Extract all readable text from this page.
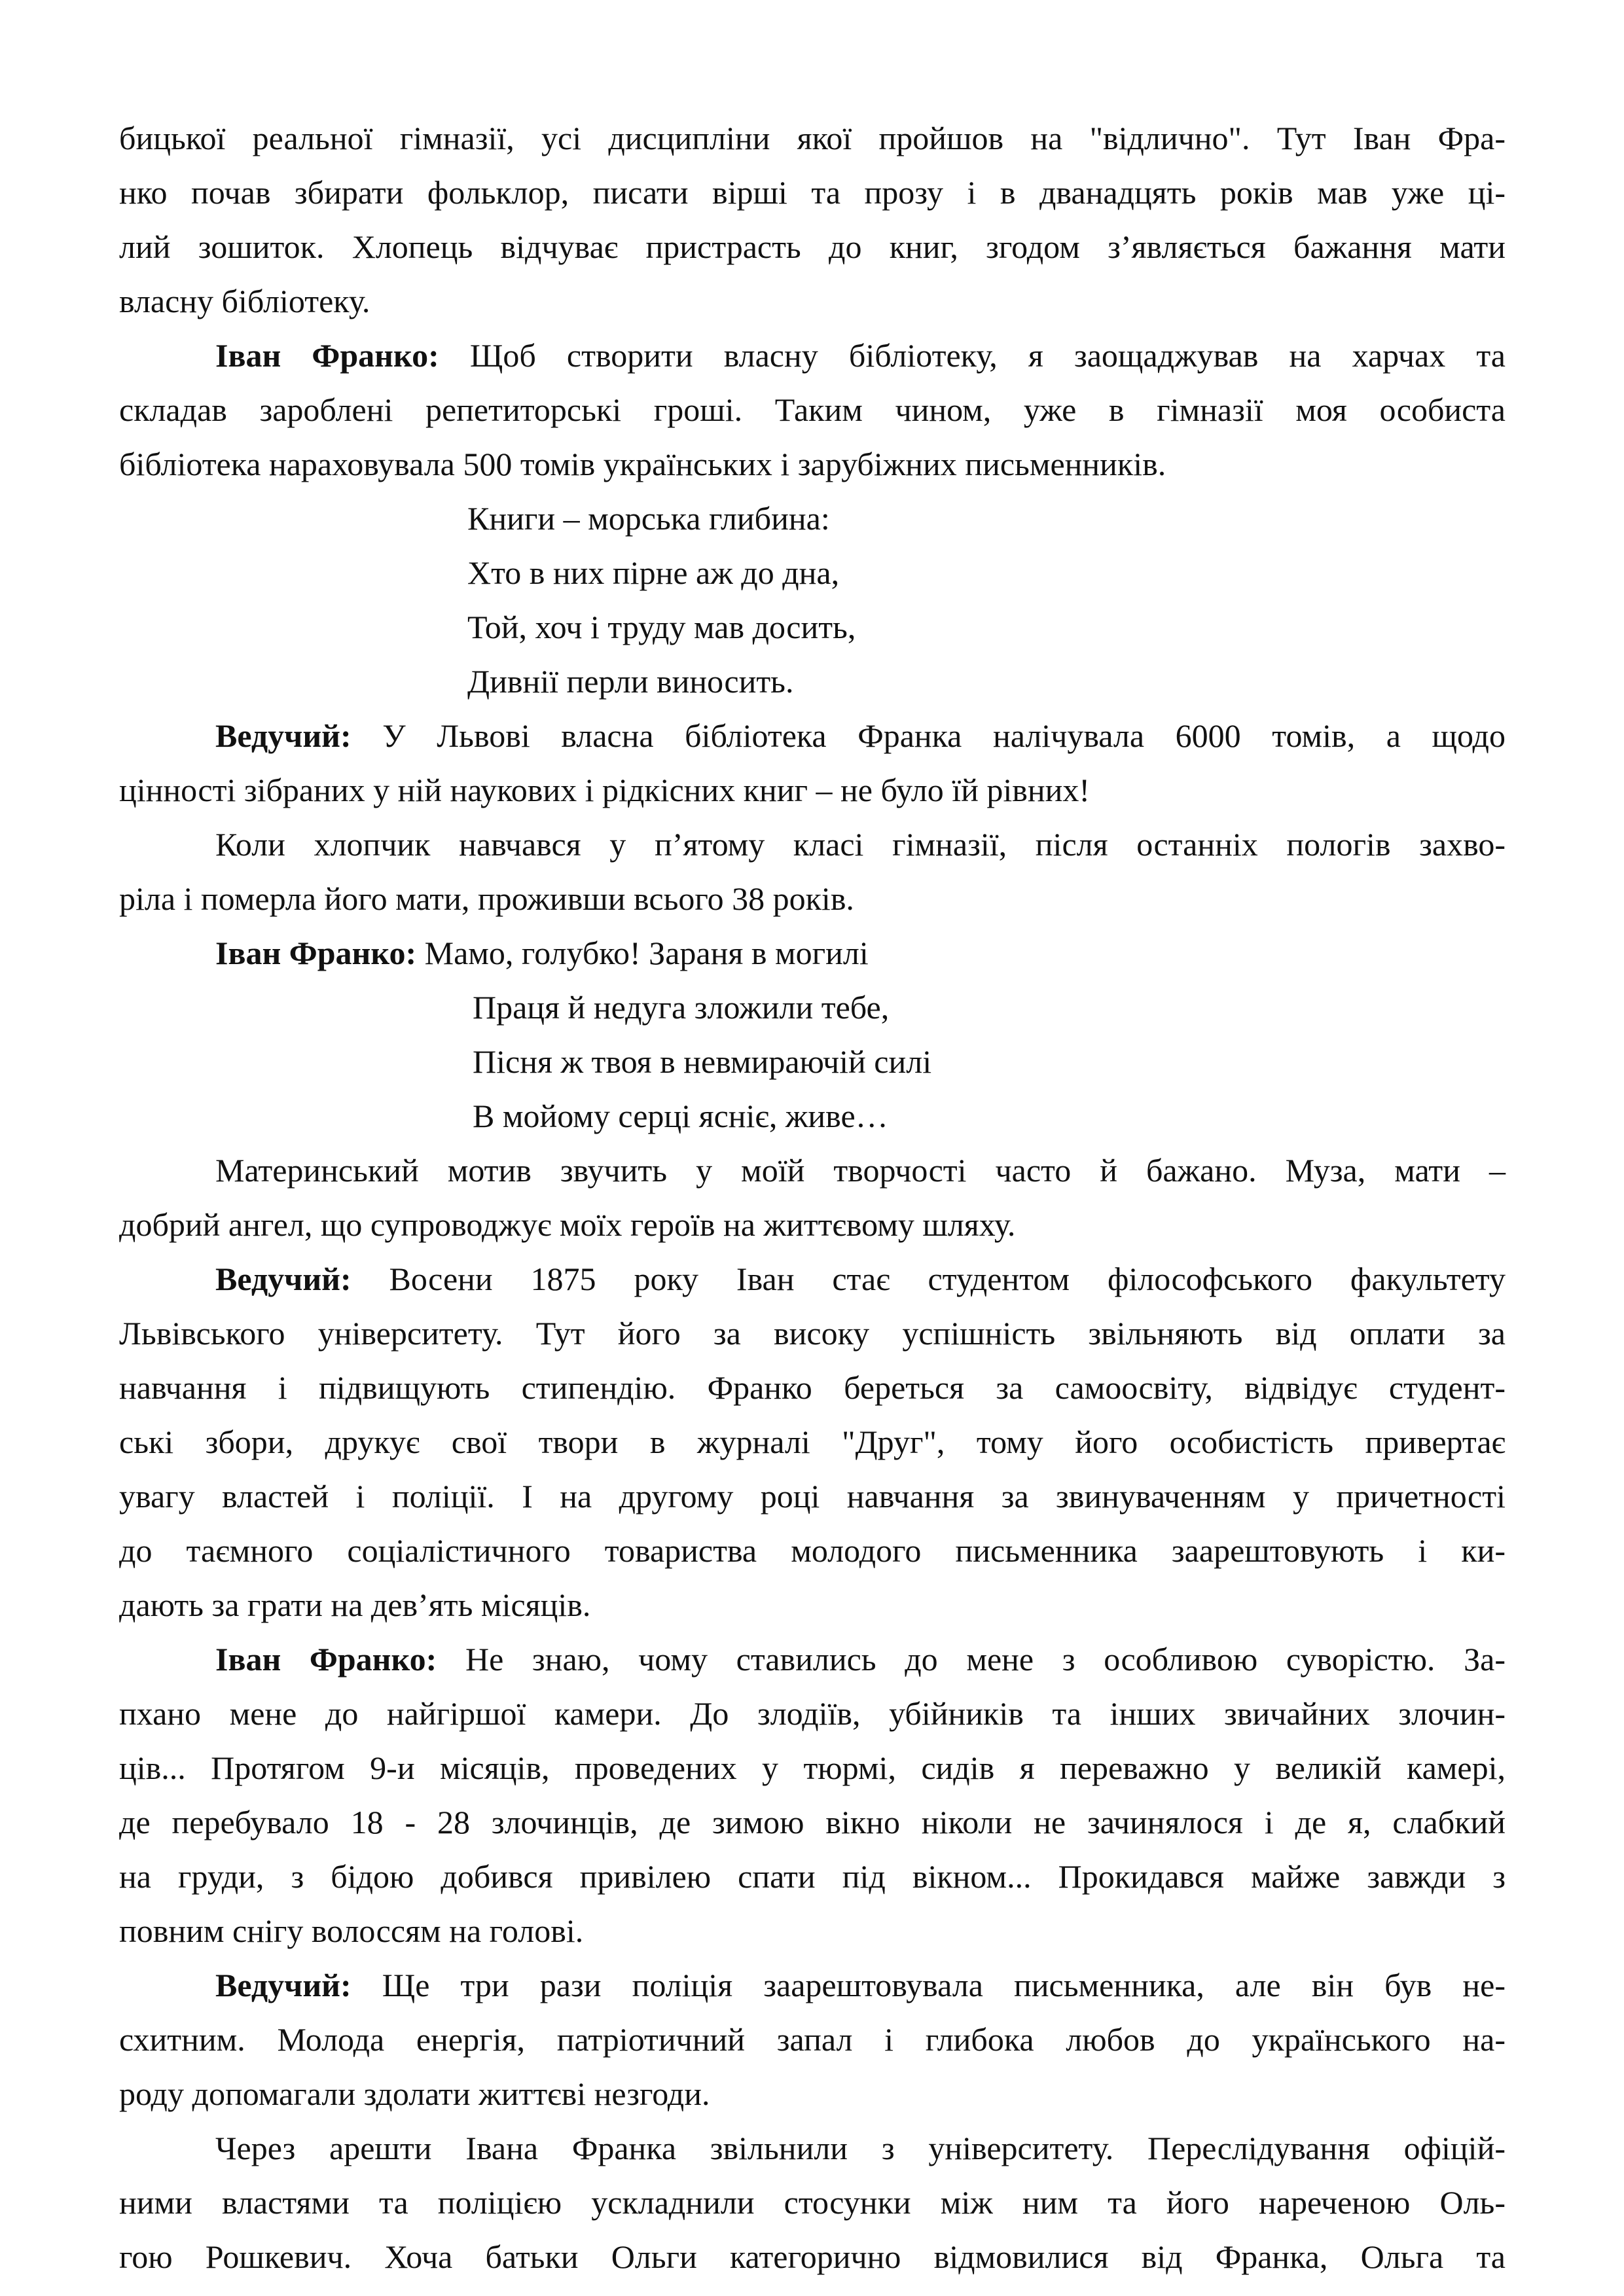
бицької реальної гімназії, усі дисципліни якої пройшов на "відлично". Тут Іван Фра-
нко почав збирати фольклор, писати вірші та прозу і в дванадцять років мав уже ці-
лий зошиток. Хлопець відчуває пристрасть до книг, згодом з’являється бажання мати
власну бібліотеку.
Іван Франко: Щоб створити власну бібліотеку, я заощаджував на харчах та
складав зароблені репетиторські гроші. Таким чином, уже в гімназії моя особиста
бібліотека нараховувала 500 томів українських і зарубіжних письменників.
Книги – морська глибина:
Хто в них пірне аж до дна,
Той, хоч і труду мав досить,
Дивнії перли виносить.
Ведучий: У Львові власна бібліотека Франка налічувала 6000 томів, а щодо
цінності зібраних у ній наукових і рідкісних книг – не було їй рівних!
Коли хлопчик навчався у п’ятому класі гімназії, після останніх пологів захво-
ріла і померла його мати, проживши всього 38 років.
Іван Франко: Мамо, голубко! Зараня в могилі
Праця й недуга зложили тебе,
Пісня ж твоя в невмираючій силі
В мойому серці ясніє, живе…
Материнський мотив звучить у моїй творчості часто й бажано. Муза, мати –
добрий ангел, що супроводжує моїх героїв на життєвому шляху.
Ведучий: Восени 1875 року Іван стає студентом філософського факультету
Львівського університету. Тут його за високу успішність звільняють від оплати за
навчання і підвищують стипендію. Франко береться за самоосвіту, відвідує студент-
ські збори, друкує свої твори в журналі "Друг", тому його особистість привертає
увагу властей і поліції. І на другому році навчання за звинуваченням у причетності
до таємного соціалістичного товариства молодого письменника заарештовують і ки-
дають за грати на дев’ять місяців.
Іван Франко: Не знаю, чому ставились до мене з особливою суворістю. За-
пхано мене до найгіршої камери. До злодіїв, убійників та інших звичайних злочин-
ців... Протягом 9-и місяців, проведених у тюрмі, сидів я переважно у великій камері,
де перебувало 18 - 28 злочинців, де зимою вікно ніколи не зачинялося і де я, слабкий
на груди, з бідою добився привілею спати під вікном... Прокидався майже завжди з
повним снігу волоссям на голові.
Ведучий: Ще три рази поліція заарештовувала письменника, але він був не-
схитним. Молода енергія, патріотичний запал і глибока любов до українського на-
роду допомагали здолати життєві незгоди.
Через арешти Івана Франка звільнили з університету. Переслідування офіцій-
ними властями та поліцією ускладнили стосунки між ним та його нареченою Оль-
гою Рошкевич. Хоча батьки Ольги категорично відмовилися від Франка, Ольга та
